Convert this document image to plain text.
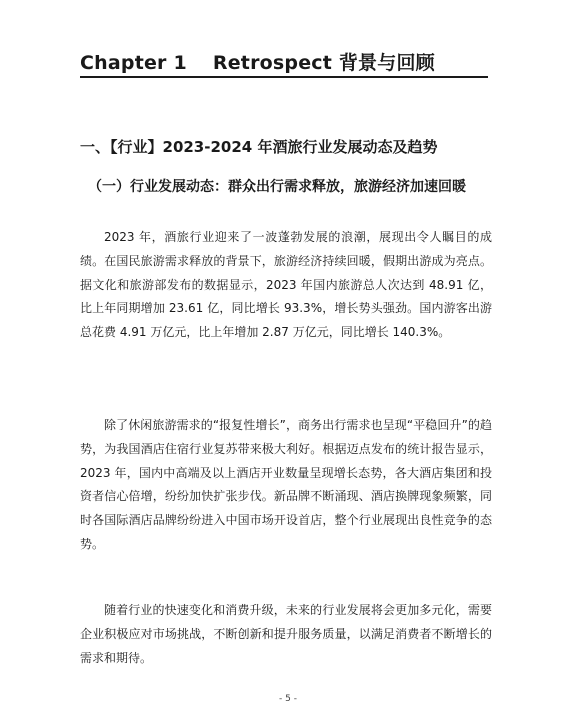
Chapter 1 Retrospect 背景与回顾
一、【行业】2023-2024 年酒旅行业发展动态及趋势
（一）行业发展动态：群众出行需求释放，旅游经济加速回暖

2023 年，酒旅行业迎来了一波蓬勃发展的浪潮，展现出令人瞩目的成绩。在国民旅游需求释放的背景下，旅游经济持续回暖，假期出游成为亮点。据文化和旅游部发布的数据显示，2023 年国内旅游总人次达到 48.91 亿，比上年同期增加 23.61 亿，同比增长 93.3%，增长势头强劲。国内游客出游总花费 4.91 万亿元，比上年增加 2.87 万亿元，同比增长 140.3%。

除了休闲旅游需求的“报复性增长”，商务出行需求也呈现“平稳回升”的趋势，为我国酒店住宿行业复苏带来极大利好。根据迈点发布的统计报告显示，2023 年，国内中高端及以上酒店开业数量呈现增长态势，各大酒店集团和投资者信心倍增，纷纷加快扩张步伐。新品牌不断涌现、酒店换牌现象频繁，同时各国际酒店品牌纷纷进入中国市场开设首店，整个行业展现出良性竞争的态势。

随着行业的快速变化和消费升级，未来的行业发展将会更加多元化，需要企业积极应对市场挑战，不断创新和提升服务质量，以满足消费者不断增长的需求和期待。

- 5 -
